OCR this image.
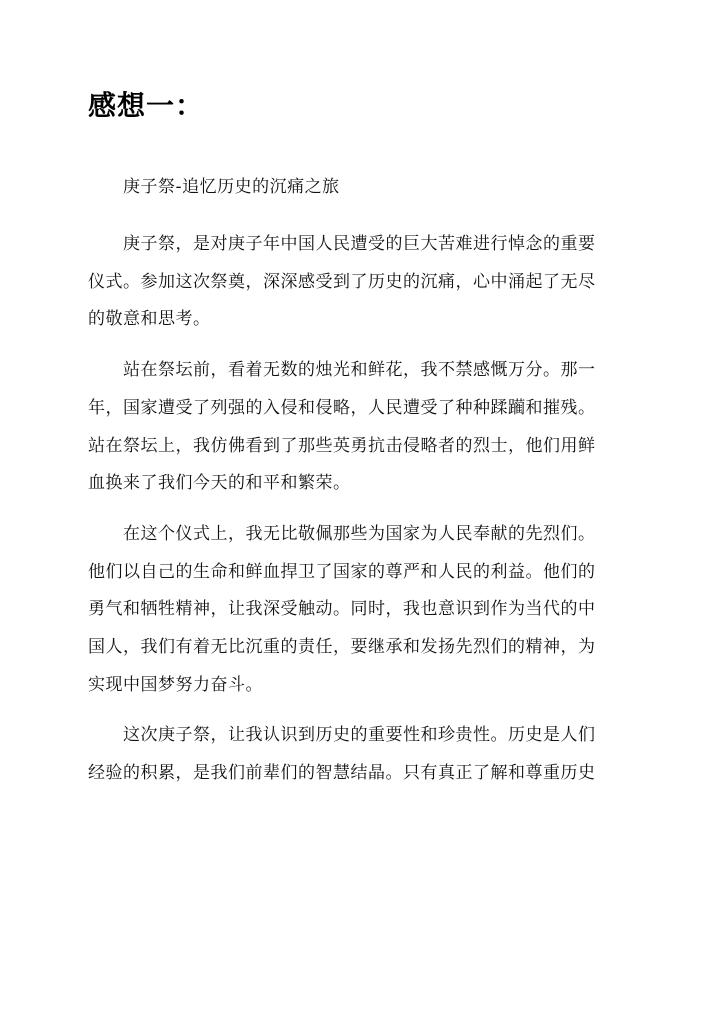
感想一：

庚子祭-追忆历史的沉痛之旅

庚子祭，是对庚子年中国人民遭受的巨大苦难进行悼念的重要
仪式。参加这次祭奠，深深感受到了历史的沉痛，心中涌起了无尽
的敬意和思考。

站在祭坛前，看着无数的烛光和鲜花，我不禁感慨万分。那一
年，国家遭受了列强的入侵和侵略，人民遭受了种种蹂躏和摧残。
站在祭坛上，我仿佛看到了那些英勇抗击侵略者的烈士，他们用鲜
血换来了我们今天的和平和繁荣。

在这个仪式上，我无比敬佩那些为国家为人民奉献的先烈们。
他们以自己的生命和鲜血捍卫了国家的尊严和人民的利益。他们的
勇气和牺牲精神，让我深受触动。同时，我也意识到作为当代的中
国人，我们有着无比沉重的责任，要继承和发扬先烈们的精神，为
实现中国梦努力奋斗。

这次庚子祭，让我认识到历史的重要性和珍贵性。历史是人们
经验的积累，是我们前辈们的智慧结晶。只有真正了解和尊重历史
